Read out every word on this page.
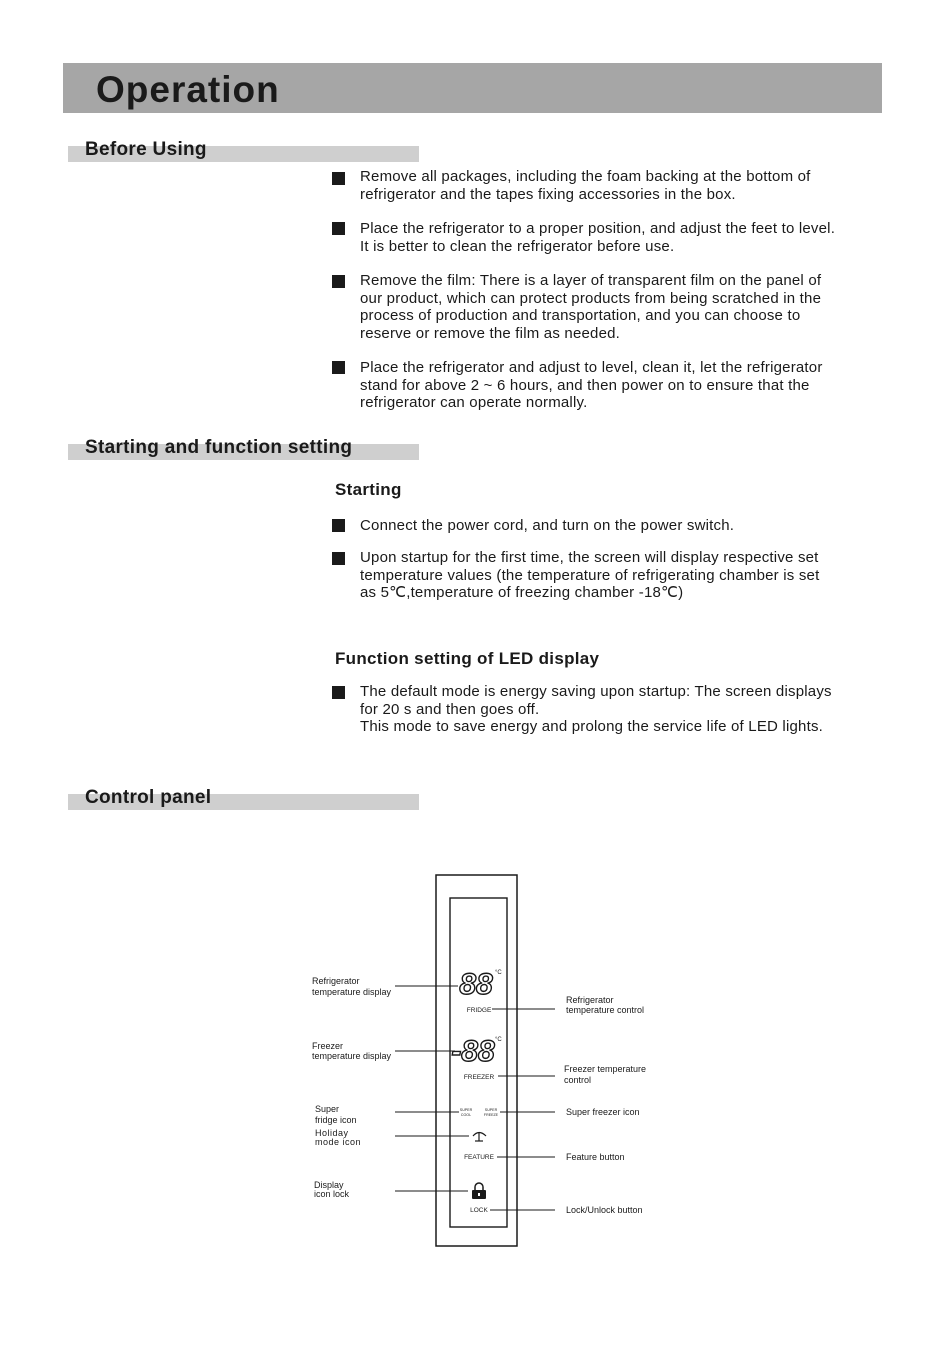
Operation
Before Using

Remove all packages, including the foam backing at the bottom of
refrigerator and the tapes fixing accessories in the box.

Place the refrigerator to a proper position, and adjust the feet to level.
It is better to clean the refrigerator before use.

Remove the film: There is a layer of transparent film on the panel of
our product, which can protect products from being scratched in the
process of production and transportation, and you can choose to
reserve or remove the film as needed.

Place the refrigerator and adjust to level, clean it, let the refrigerator
stand for above 2 ~ 6 hours, and then power on to ensure that the
refrigerator can operate normally.

Starting and function setting
Starting

Connect the power cord, and turn on the power switch.

Upon startup for the first time, the screen will display respective set
temperature values (the temperature of refrigerating chamber is set
as 5℃,temperature of freezing chamber -18℃)

Function setting of LED display

The default mode is energy saving upon startup: The screen displays
for 20 s and then goes off.
This mode to save energy and prolong the service life of LED lights.

Control panel
88 °C
FRIDGE
-88 °C
FREEZER
SUPER
COOL
SUPER
FREEZE
FEATURE
LOCK
Refrigerator
temperature display
Freezer
temperature display
Super
fridge icon
Holiday
mode icon
Display
icon lock
Refrigerator
temperature control
Freezer temperature
control
Super freezer icon
Feature button
Lock/Unlock button
